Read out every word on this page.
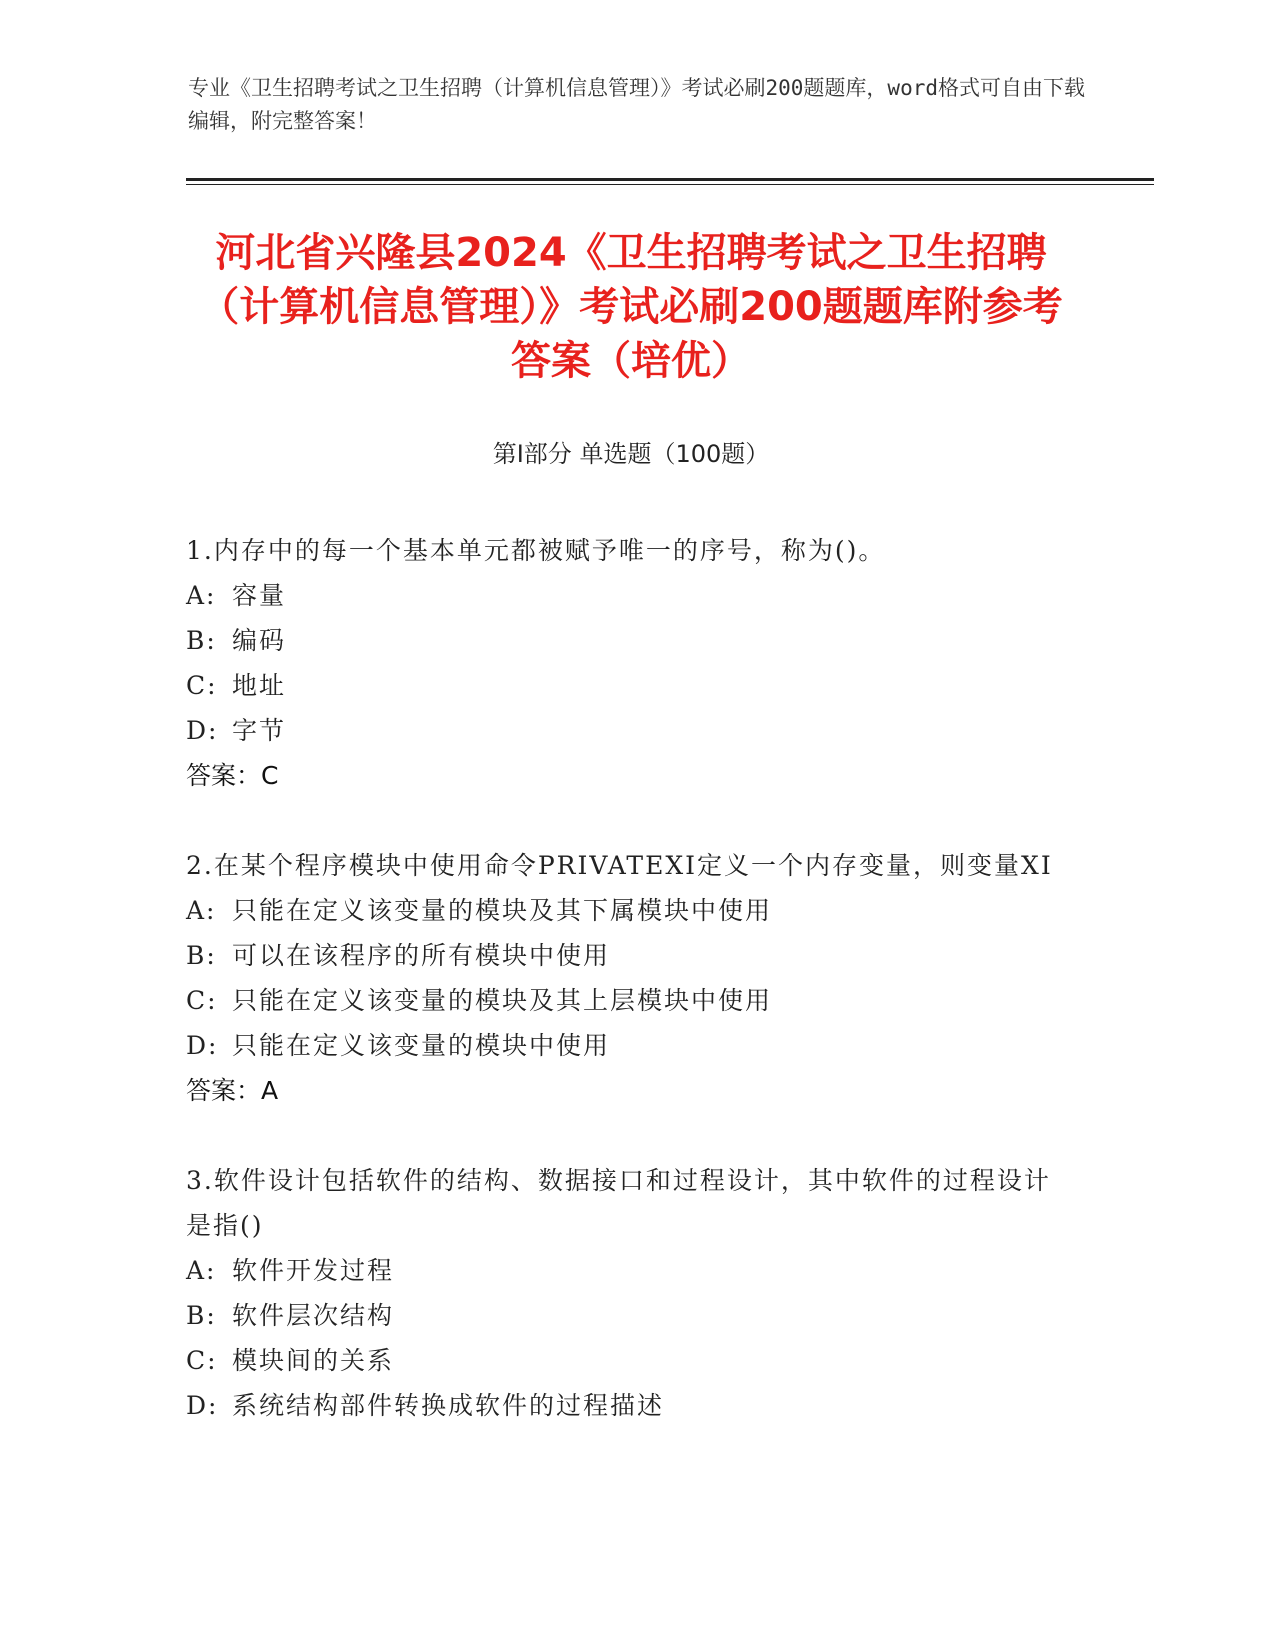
专业《卫生招聘考试之卫生招聘（计算机信息管理）》考试必刷200题题库，word格式可自由下载编辑，附完整答案！
河北省兴隆县2024《卫生招聘考试之卫生招聘（计算机信息管理）》考试必刷200题题库附参考答案（培优）
第Ⅰ部分 单选题（100题）
1.内存中的每一个基本单元都被赋予唯一的序号，称为()。
A: 容量
B: 编码
C: 地址
D: 字节
答案：C
2.在某个程序模块中使用命令PRIVATEXI定义一个内存变量，则变量XI
A: 只能在定义该变量的模块及其下属模块中使用
B: 可以在该程序的所有模块中使用
C: 只能在定义该变量的模块及其上层模块中使用
D: 只能在定义该变量的模块中使用
答案：A
3.软件设计包括软件的结构、数据接口和过程设计，其中软件的过程设计是指()
A: 软件开发过程
B: 软件层次结构
C: 模块间的关系
D: 系统结构部件转换成软件的过程描述
